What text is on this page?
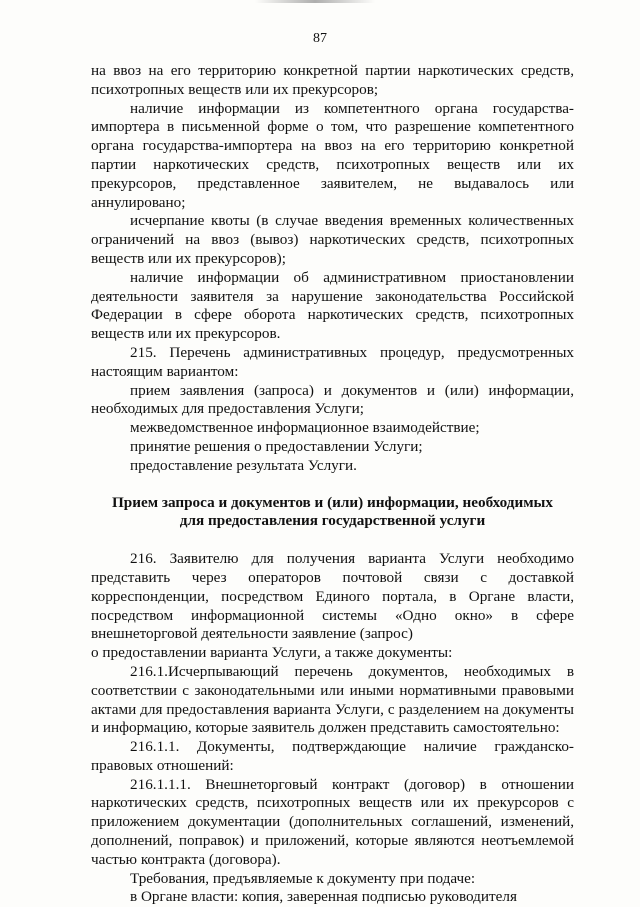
87

на ввоз на его территорию конкретной партии наркотических средств, психотропных веществ или их прекурсоров;

наличие информации из компетентного органа государства-импортера в письменной форме о том, что разрешение компетентного органа государства-импортера на ввоз на его территорию конкретной партии наркотических средств, психотропных веществ или их прекурсоров, представленное заявителем, не выдавалось или аннулировано;

исчерпание квоты (в случае введения временных количественных ограничений на ввоз (вывоз) наркотических средств, психотропных веществ или их прекурсоров);

наличие информации об административном приостановлении деятельности заявителя за нарушение законодательства Российской Федерации в сфере оборота наркотических средств, психотропных веществ или их прекурсоров.

215. Перечень административных процедур, предусмотренных настоящим вариантом:

прием заявления (запроса) и документов и (или) информации, необходимых для предоставления Услуги;

межведомственное информационное взаимодействие;

принятие решения о предоставлении Услуги;

предоставление результата Услуги.

Прием запроса и документов и (или) информации, необходимых
для предоставления государственной услуги

216. Заявителю для получения варианта Услуги необходимо представить через операторов почтовой связи с доставкой корреспонденции, посредством Единого портала, в Органе власти, посредством информационной системы «Одно окно» в сфере внешнеторговой деятельности заявление (запрос)

о предоставлении варианта Услуги, а также документы:

216.1.Исчерпывающий перечень документов, необходимых в соответствии с законодательными или иными нормативными правовыми актами для предоставления варианта Услуги, с разделением на документы и информацию, которые заявитель должен представить самостоятельно:

216.1.1. Документы, подтверждающие наличие гражданско-правовых отношений:

216.1.1.1. Внешнеторговый контракт (договор) в отношении наркотических средств, психотропных веществ или их прекурсоров с приложением документации (дополнительных соглашений, изменений, дополнений, поправок) и приложений, которые являются неотъемлемой частью контракта (договора).

Требования, предъявляемые к документу при подаче:

в Органе власти: копия, заверенная подписью руководителя
